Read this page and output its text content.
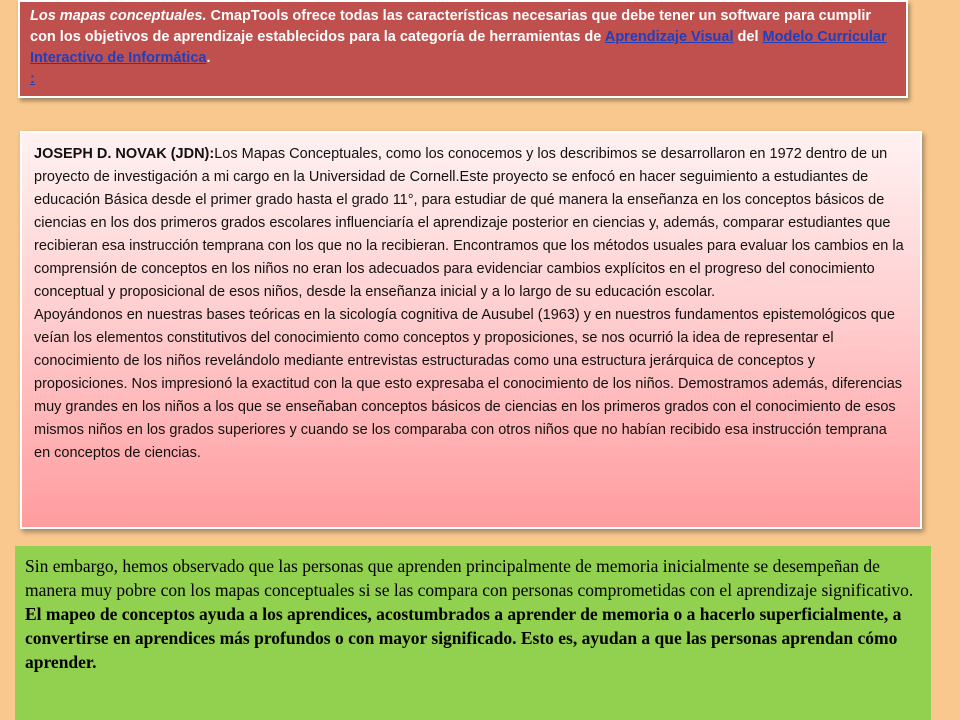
Los mapas conceptuales. CmapTools ofrece todas las características necesarias que debe tener un software para cumplir con los objetivos de aprendizaje establecidos para la categoría de herramientas de Aprendizaje Visual del Modelo Curricular Interactivo de Informática.
:
JOSEPH D. NOVAK (JDN):Los Mapas Conceptuales, como los conocemos y los describimos se desarrollaron en 1972 dentro de un proyecto de investigación a mi cargo en la Universidad de Cornell.Este proyecto se enfocó en hacer seguimiento a estudiantes de educación Básica desde el primer grado hasta el grado 11°, para estudiar de qué manera la enseñanza en los conceptos básicos de ciencias en los dos primeros grados escolares influenciaría el aprendizaje posterior en ciencias y, además, comparar estudiantes que recibieran esa instrucción temprana con los que no la recibieran. Encontramos que los métodos usuales para evaluar los cambios en la comprensión de conceptos en los niños no eran los adecuados para evidenciar cambios explícitos en el progreso del conocimiento conceptual y proposicional de esos niños, desde la enseñanza inicial y a lo largo de su educación escolar.
Apoyándonos en nuestras bases teóricas en la sicología cognitiva de Ausubel (1963) y en nuestros fundamentos epistemológicos que veían los elementos constitutivos del conocimiento como conceptos y proposiciones, se nos ocurrió la idea de representar el conocimiento de los niños revelándolo mediante entrevistas estructuradas como una estructura jerárquica de conceptos y proposiciones. Nos impresionó la exactitud con la que esto expresaba el conocimiento de los niños. Demostramos además, diferencias muy grandes en los niños a los que se enseñaban conceptos básicos de ciencias en los primeros grados con el conocimiento de esos mismos niños en los grados superiores y cuando se los comparaba con otros niños que no habían recibido esa instrucción temprana en conceptos de ciencias.
Sin embargo, hemos observado que las personas que aprenden principalmente de memoria inicialmente se desempeñan de manera muy pobre con los mapas conceptuales si se las compara con personas comprometidas con el aprendizaje significativo. El mapeo de conceptos ayuda a los aprendices, acostumbrados a aprender de memoria o a hacerlo superficialmente, a convertirse en aprendices más profundos o con mayor significado. Esto es, ayudan a que las personas aprendan cómo aprender.
